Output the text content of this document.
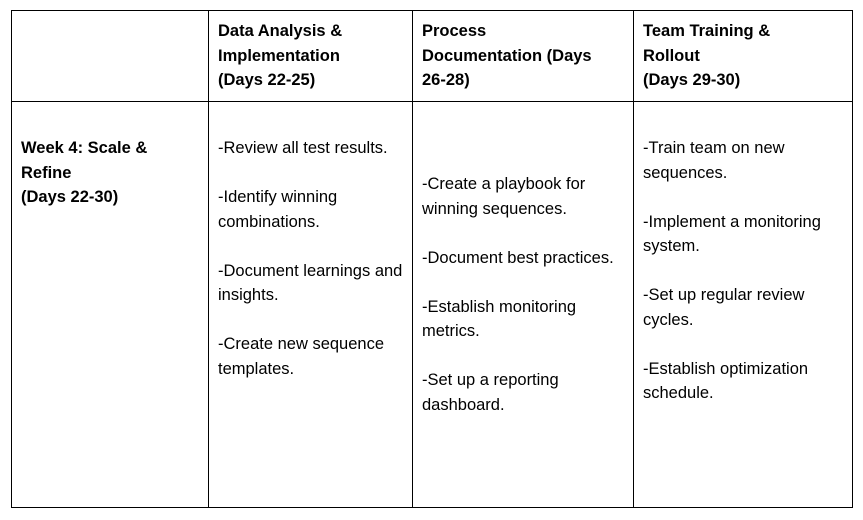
Data Analysis &
Implementation
(Days 22-25)
Process
Documentation (Days
26-28)
Team Training &
Rollout
(Days 29-30)
Week 4: Scale &
Refine
(Days 22-30)
-Review all test results.
-Identify winning combinations.
-Document learnings and insights.
-Create new sequence templates.
-Create a playbook for winning sequences.
-Document best practices.
-Establish monitoring metrics.
-Set up a reporting dashboard.
-Train team on new sequences.
-Implement a monitoring system.
-Set up regular review cycles.
-Establish optimization schedule.
